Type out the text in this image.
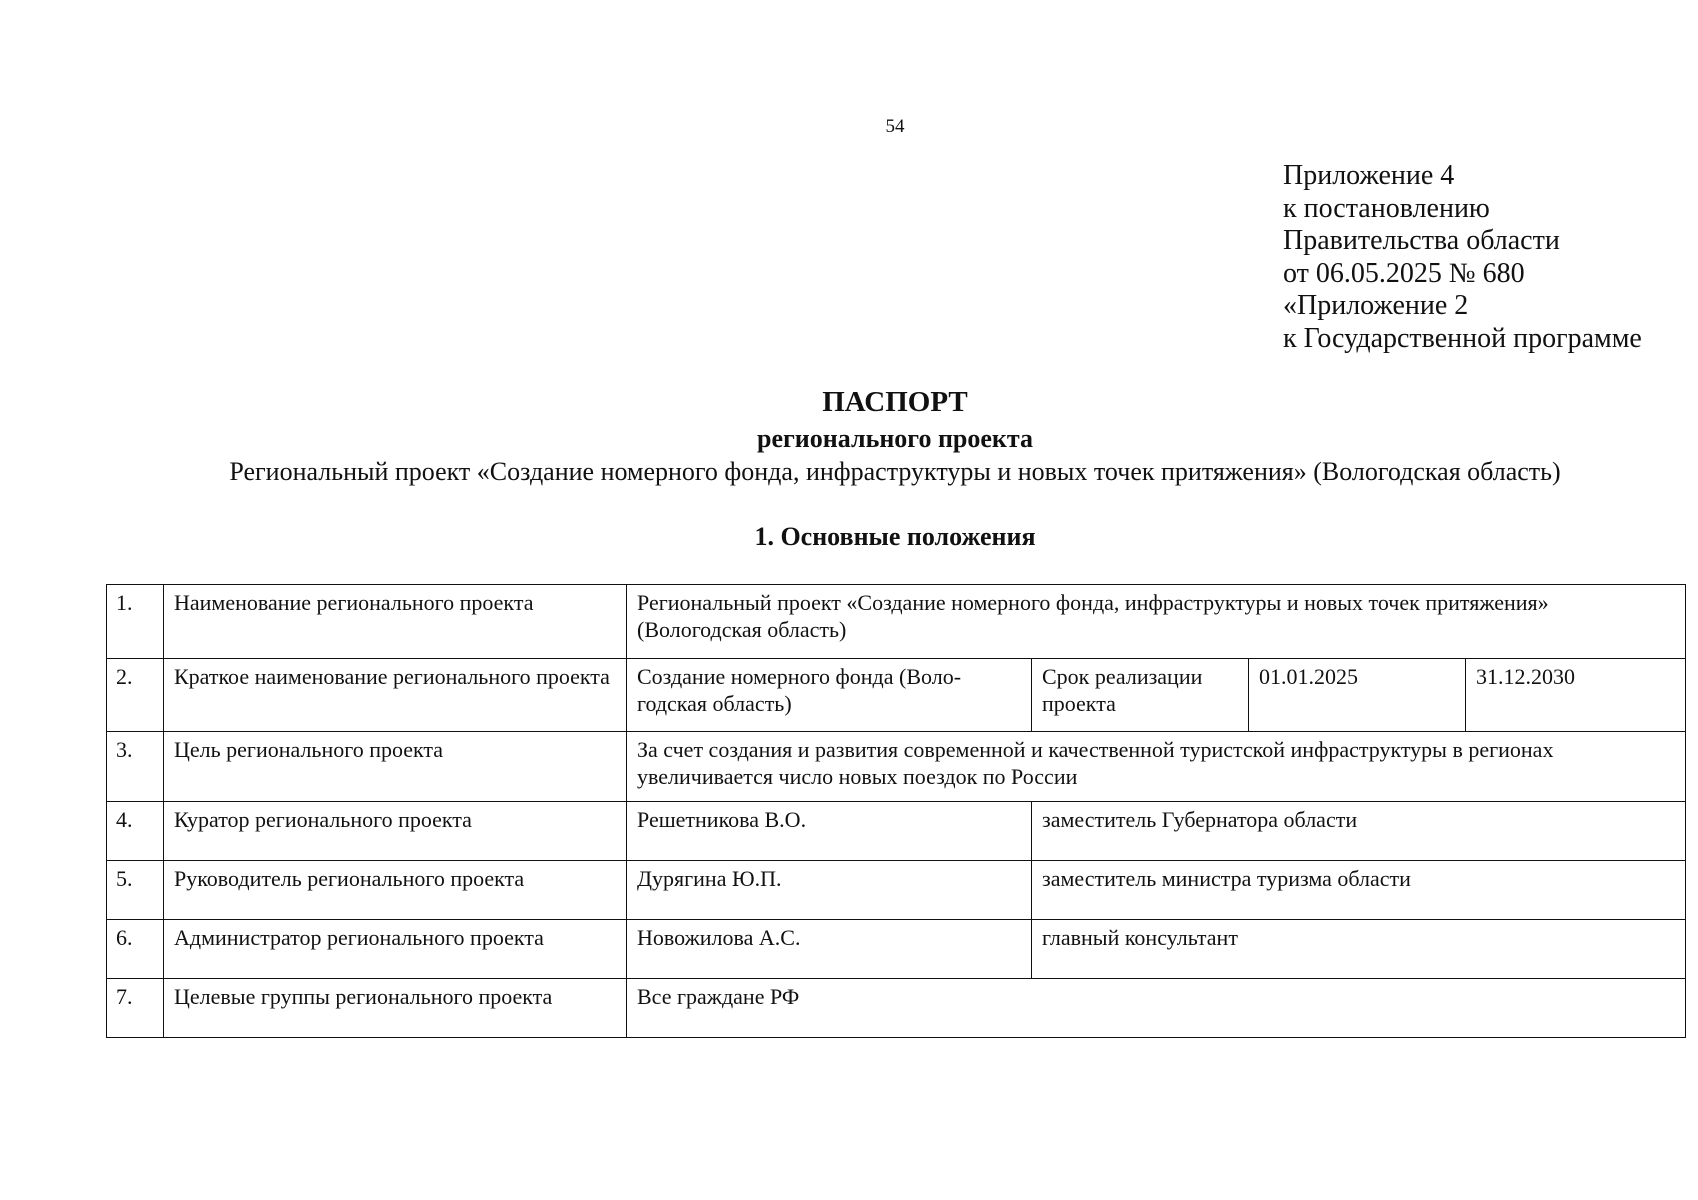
54
Приложение 4
к постановлению
Правительства области
от 06.05.2025 № 680
«Приложение 2
к Государственной программе
ПАСПОРТ
регионального проекта
Региональный проект «Создание номерного фонда, инфраструктуры и новых точек притяжения» (Вологодская область)
1. Основные положения
1.	Наименование регионального проекта	Региональный проект «Создание номерного фонда, инфраструктуры и новых точек притяжения» (Вологодская область)			
2.	Краткое наименование регионального проекта	Создание номерного фонда (Воло-годская область)	Срок реализации проекта	01.01.2025	31.12.2030
3.	Цель регионального проекта	За счет создания и развития современной и качественной туристской инфраструктуры в регионах увеличивается число новых поездок по России			
4.	Куратор регионального проекта	Решетникова В.О.	заместитель Губернатора области		
5.	Руководитель регионального проекта	Дурягина Ю.П.	заместитель министра туризма области		
6.	Администратор регионального проекта	Новожилова А.С.	главный консультант		
7.	Целевые группы регионального проекта	Все граждане РФ			
